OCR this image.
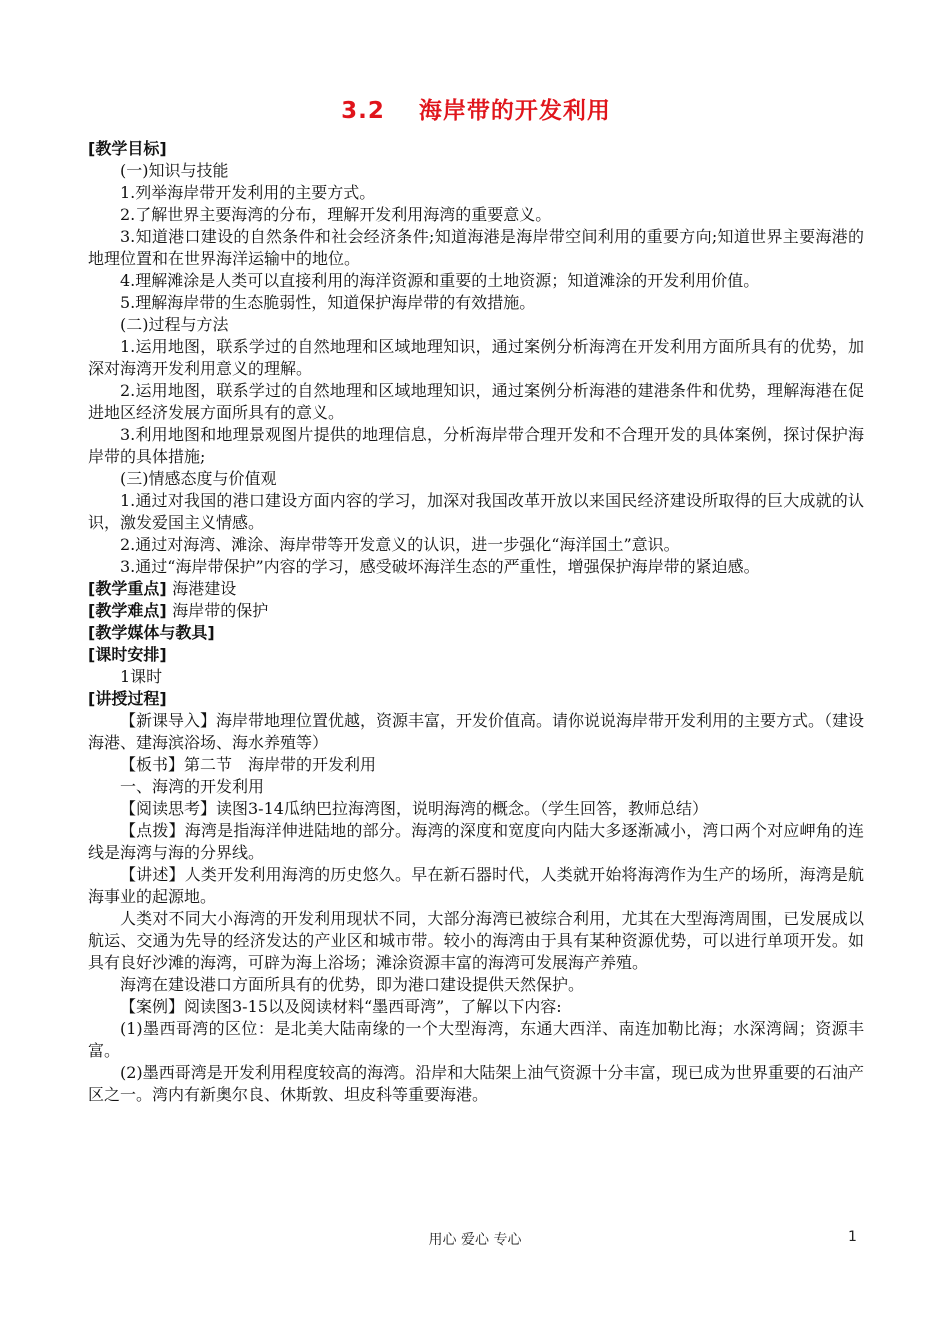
3.2 海岸带的开发利用

[教学目标]

(一)知识与技能

1.列举海岸带开发利用的主要方式。

2.了解世界主要海湾的分布，理解开发利用海湾的重要意义。

3.知道港口建设的自然条件和社会经济条件;知道海港是海岸带空间利用的重要方向;知道世界主要海港的地理位置和在世界海洋运输中的地位。

4.理解滩涂是人类可以直接利用的海洋资源和重要的土地资源；知道滩涂的开发利用价值。

5.理解海岸带的生态脆弱性，知道保护海岸带的有效措施。

(二)过程与方法

1.运用地图，联系学过的自然地理和区域地理知识，通过案例分析海湾在开发利用方面所具有的优势，加深对海湾开发利用意义的理解。

2.运用地图，联系学过的自然地理和区域地理知识，通过案例分析海港的建港条件和优势，理解海港在促进地区经济发展方面所具有的意义。

3.利用地图和地理景观图片提供的地理信息，分析海岸带合理开发和不合理开发的具体案例，探讨保护海岸带的具体措施;

(三)情感态度与价值观

1.通过对我国的港口建设方面内容的学习，加深对我国改革开放以来国民经济建设所取得的巨大成就的认识，激发爱国主义情感。

2.通过对海湾、滩涂、海岸带等开发意义的认识，进一步强化“海洋国土”意识。

3.通过“海岸带保护”内容的学习，感受破坏海洋生态的严重性，增强保护海岸带的紧迫感。

[教学重点] 海港建设

[教学难点] 海岸带的保护

[教学媒体与教具]

[课时安排]

1课时

[讲授过程]

【新课导入】海岸带地理位置优越，资源丰富，开发价值高。请你说说海岸带开发利用的主要方式。（建设海港、建海滨浴场、海水养殖等）

【板书】第二节　海岸带的开发利用

一、海湾的开发利用

【阅读思考】读图3-14瓜纳巴拉海湾图，说明海湾的概念。（学生回答，教师总结）

【点拨】海湾是指海洋伸进陆地的部分。海湾的深度和宽度向内陆大多逐渐减小，湾口两个对应岬角的连线是海湾与海的分界线。

【讲述】人类开发利用海湾的历史悠久。早在新石器时代，人类就开始将海湾作为生产的场所，海湾是航海事业的起源地。

人类对不同大小海湾的开发利用现状不同，大部分海湾已被综合利用，尤其在大型海湾周围，已发展成以航运、交通为先导的经济发达的产业区和城市带。较小的海湾由于具有某种资源优势，可以进行单项开发。如具有良好沙滩的海湾，可辟为海上浴场；滩涂资源丰富的海湾可发展海产养殖。

海湾在建设港口方面所具有的优势，即为港口建设提供天然保护。

【案例】阅读图3-15以及阅读材料“墨西哥湾”，了解以下内容:

(1)墨西哥湾的区位：是北美大陆南缘的一个大型海湾，东通大西洋、南连加勒比海；水深湾阔；资源丰富。

(2)墨西哥湾是开发利用程度较高的海湾。沿岸和大陆架上油气资源十分丰富，现已成为世界重要的石油产区之一。湾内有新奥尔良、休斯敦、坦皮科等重要海港。

用心 爱心 专心	1
